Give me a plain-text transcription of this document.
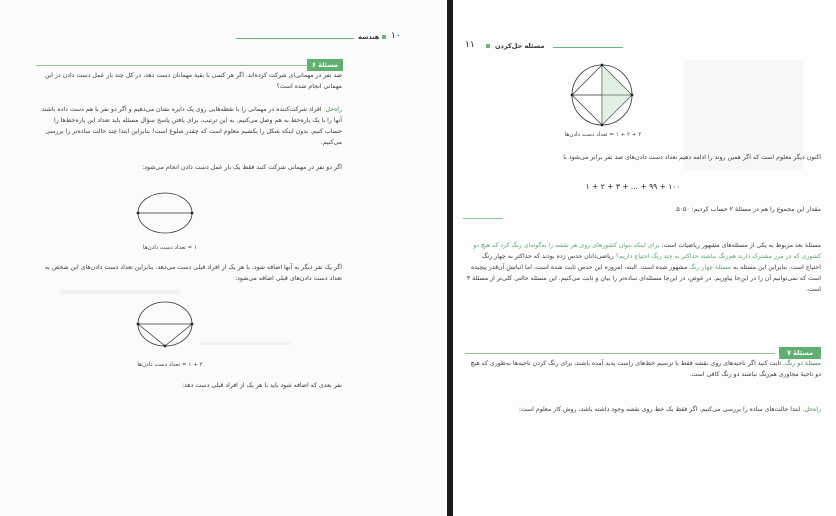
هندسه ۱۰
مسئلهٔ ۶
صد نفر در مهمانی‌ای شرکت کرده‌اند. اگر هر کسی با بقیهٔ مهمانان دست دهد، در کل چند بار عمل دست دادن در این مهمانی انجام شده است؟
راه‌حل. افراد شرکت‌کننده در مهمانی را با نقطه‌هایی روی یک دایره نشان می‌دهیم و اگر دو نفر با هم دست داده باشند آنها را با یک پاره‌خط به هم وصل می‌کنیم. به این ترتیب، برای یافتن پاسخ سؤال مسئله باید تعداد این پاره‌خط‌ها را حساب کنیم. بدون اینکه شکل را بکشیم معلوم است که چقدر شلوغ است! بنابراین ابتدا چند حالت ساده‌تر را بررسی می‌کنیم.
اگر دو نفر در مهمانی شرکت کنند فقط یک بار عمل دست دادن انجام می‌شود:
۱ = تعداد دست دادن‌ها
اگر یک نفر دیگر به آنها اضافه شود، با هر یک از افراد قبلی دست می‌دهد. بنابراین تعداد دست دادن‌های این شخص به تعداد دست دادن‌های قبلی اضافه می‌شود:
۲ + ۱ = تعداد دست دادن‌ها
نفر بعدی که اضافه شود باید با هر یک از افراد قبلی دست دهد:
۱۱	مسئله حل‌کردن
۳ + ۲ + ۱ = تعداد دست دادن‌ها
اکنون دیگر معلوم است که اگر همین روند را ادامه دهیم تعداد دست دادن‌های صد نفر برابر می‌شود با
۱۰۰ + ۹۹ + ... + ۳ + ۲ + ۱
مقدار این مجموع را هم در مسئلهٔ ۲ حساب کردیم: ۵۰۵۰.
مسئلهٔ بعد مربوط به یکی از مسئله‌های مشهور ریاضیات است: برای اینکه بتوان کشورهای روی هر نقشه را به‌گونه‌ای رنگ کرد که هیچ دو کشوری که در مرز مشترک دارند هم‌رنگ نباشند حداکثر به چند رنگ احتیاج داریم؟ ریاضی‌دانان حدس زده بودند که حداکثر به چهار رنگ احتیاج است. بنابراین این مسئله به مسئلهٔ چهار رنگ مشهور شده است. البته، امروزه این حدس ثابت شده است، اما اثباتش آن‌قدر پیچیده است که نمی‌توانیم آن را در این‌جا بیاوریم. در عوض، در این‌جا مسئله‌ای ساده‌تر را بیان و ثابت می‌کنیم. این مسئله حالتی کلی‌تر از مسئلهٔ ۳ است.
مسئلهٔ ۷
مسئلهٔ دو رنگ. ثابت کنید اگر ناحیه‌های روی نقشه فقط با ترسیم خط‌های راست پدید آمده باشند، برای رنگ کردن ناحیه‌ها به‌طوری که هیچ دو ناحیهٔ مجاوری هم‌رنگ نباشند دو رنگ کافی است.
راه‌حل. ابتدا حالت‌های ساده را بررسی می‌کنیم. اگر فقط یک خط روی نقشه وجود داشته باشد، روش کار معلوم است:
